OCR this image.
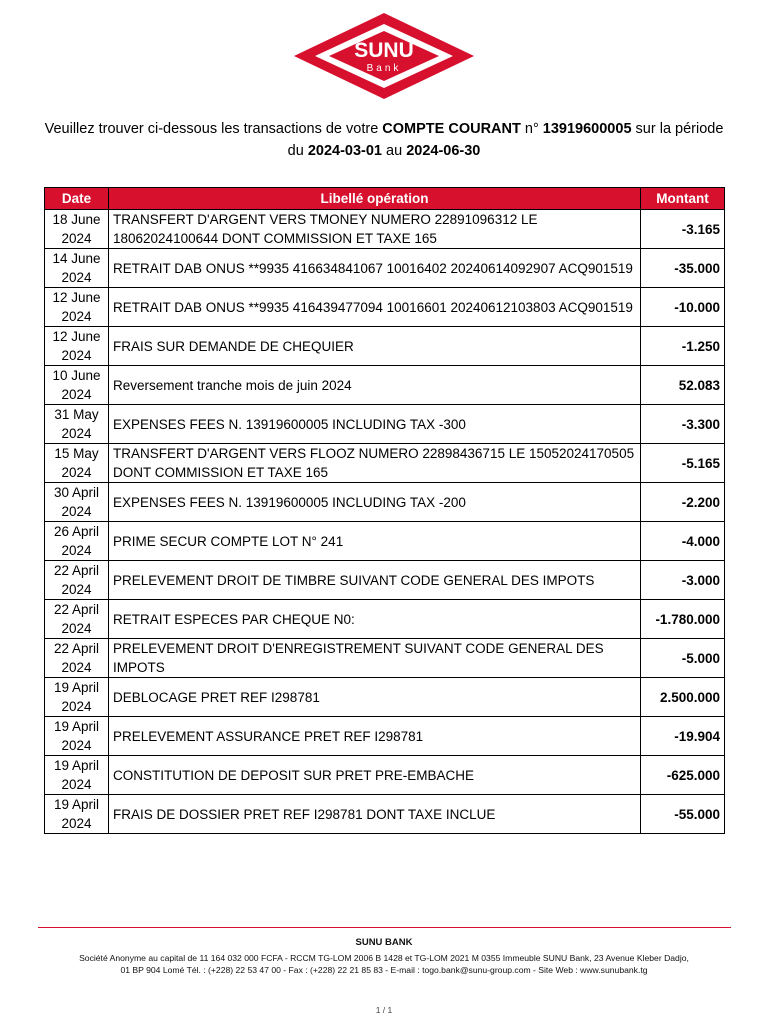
SUNU
Bank
Veuillez trouver ci-dessous les transactions de votre COMPTE COURANT n° 13919600005 sur la période du 2024-03-01 au 2024-06-30
Date	Libellé opération	Montant
18 June 2024	TRANSFERT D'ARGENT VERS TMONEY NUMERO 22891096312 LE 18062024100644 DONT COMMISSION ET TAXE 165	-3.165
14 June 2024	RETRAIT DAB ONUS **9935 416634841067 10016402 20240614092907 ACQ901519	-35.000
12 June 2024	RETRAIT DAB ONUS **9935 416439477094 10016601 20240612103803 ACQ901519	-10.000
12 June 2024	FRAIS SUR DEMANDE DE CHEQUIER	-1.250
10 June 2024	Reversement tranche mois de juin 2024	52.083
31 May 2024	EXPENSES FEES N. 13919600005 INCLUDING TAX -300	-3.300
15 May 2024	TRANSFERT D'ARGENT VERS FLOOZ NUMERO 22898436715 LE 15052024170505 DONT COMMISSION ET TAXE 165	-5.165
30 April 2024	EXPENSES FEES N. 13919600005 INCLUDING TAX -200	-2.200
26 April 2024	PRIME SECUR COMPTE LOT N° 241	-4.000
22 April 2024	PRELEVEMENT DROIT DE TIMBRE SUIVANT CODE GENERAL DES IMPOTS	-3.000
22 April 2024	RETRAIT ESPECES PAR CHEQUE N0:	-1.780.000
22 April 2024	PRELEVEMENT DROIT D'ENREGISTREMENT SUIVANT CODE GENERAL DES IMPOTS	-5.000
19 April 2024	DEBLOCAGE PRET REF I298781	2.500.000
19 April 2024	PRELEVEMENT ASSURANCE PRET REF I298781	-19.904
19 April 2024	CONSTITUTION DE DEPOSIT SUR PRET PRE-EMBACHE	-625.000
19 April 2024	FRAIS DE DOSSIER PRET REF I298781 DONT TAXE INCLUE	-55.000
SUNU BANK
Société Anonyme au capital de 11 164 032 000 FCFA - RCCM TG-LOM 2006 B 1428 et TG-LOM 2021 M 0355 Immeuble SUNU Bank, 23 Avenue Kleber Dadjo,
01 BP 904 Lomé Tél. : (+228) 22 53 47 00 - Fax : (+228) 22 21 85 83 - E-mail : togo.bank@sunu-group.com - Site Web : www.sunubank.tg
1 / 1
